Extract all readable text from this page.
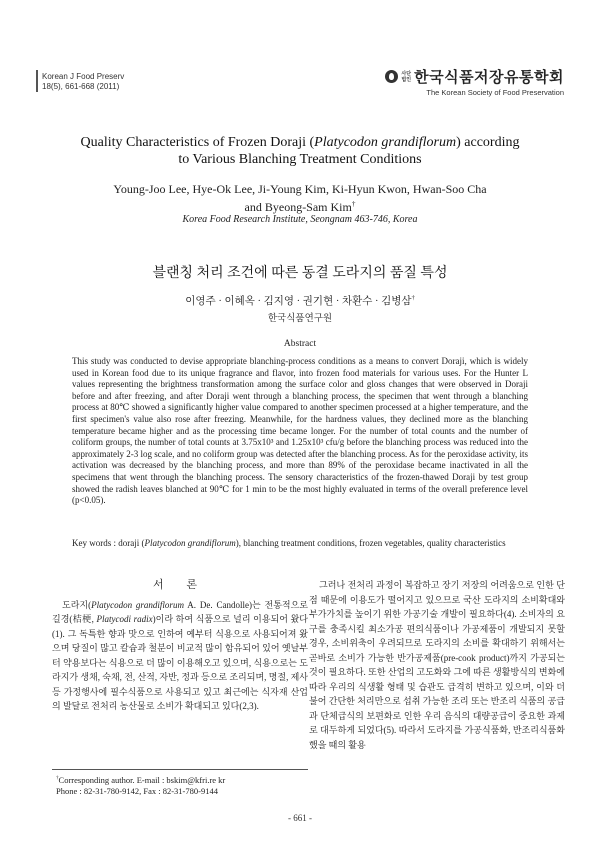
Korean J Food Preserv
18(5), 661-668 (2011)
사단법인 한국식품저장유통학회
The Korean Society of Food Preservation
Quality Characteristics of Frozen Doraji (Platycodon grandiflorum) according
to Various Blanching Treatment Conditions
Young-Joo Lee, Hye-Ok Lee, Ji-Young Kim, Ki-Hyun Kwon, Hwan-Soo Cha
and Byeong-Sam Kim†
Korea Food Research Institute, Seongnam 463-746, Korea
블랜칭 처리 조건에 따른 동결 도라지의 품질 특성
이영주 · 이혜옥 · 김지영 · 권기현 · 차환수 · 김병삼†
한국식품연구원
Abstract
This study was conducted to devise appropriate blanching-process conditions as a means to convert Doraji, which is widely used in Korean food due to its unique fragrance and flavor, into frozen food materials for various uses. For the Hunter L values representing the brightness transformation among the surface color and gloss changes that were observed in Doraji before and after freezing, and after Doraji went through a blanching process, the specimen that went through a blanching process at 80℃ showed a significantly higher value compared to another specimen processed at a higher temperature, and the first specimen's value also rose after freezing. Meanwhile, for the hardness values, they declined more as the blanching temperature became higher and as the processing time became longer. For the number of total counts and the number of coliform groups, the number of total counts at 3.75x10³ and 1.25x10³ cfu/g before the blanching process was reduced into the approximately 2-3 log scale, and no coliform group was detected after the blanching process. As for the peroxidase activity, its activation was decreased by the blanching process, and more than 89% of the peroxidase became inactivated in all the specimens that went through the blanching process. The sensory characteristics of the frozen-thawed Doraji by test group showed the radish leaves blanched at 90℃ for 1 min to be the most highly evaluated in terms of the overall preference level (p<0.05).
Key words : doraji (Platycodon grandiflorum), blanching treatment conditions, frozen vegetables, quality characteristics
서 론

도라지(Platycodon grandiflorum A. De. Candolle)는 전통적으로 길경(桔梗, Platycodi radix)이라 하여 식품으로 널리 이용되어 왔다(1). 그 독특한 향과 맛으로 인하여 예부터 식용으로 사용되어져 왔으며 당질이 많고 칼슘과 철분이 비교적 많이 함유되어 있어 옛날부터 약용보다는 식용으로 더 많이 이용해오고 있으며, 식용으로는 도라지가 생채, 숙채, 전, 산적, 자반, 정과 등으로 조리되며, 명절, 제사등 가정행사에 필수식품으로 사용되고 있고 최근에는 식자재 산업의 발달로 전처리 농산물로 소비가 확대되고 있다(2,3).

그러나 전처리 과정이 복잡하고 장기 저장의 어려움으로 인한 단점 때문에 이용도가 떨어지고 있으므로 국산 도라지의 소비확대와 부가가치를 높이기 위한 가공기술 개발이 필요하다(4). 소비자의 요구를 충족시킬 최소가공 편의식품이나 가공제품이 개발되지 못할 경우, 소비위축이 우려되므로 도라지의 소비를 확대하기 위해서는 곧바로 소비가 가능한 반가공제품(pre-cook product)까지 가공되는 것이 필요하다. 또한 산업의 고도화와 그에 따른 생활방식의 변화에 따라 우리의 식생활 형태 및 습관도 급격히 변하고 있으며, 이와 더불어 간단한 처리만으로 섭취 가능한 조리 또는 반조리 식품의 공급과 단체급식의 보편화로 인한 우리 음식의 대량공급이 중요한 과제로 대두하게 되었다(5). 따라서 도라지를 가공식품화, 반조리식품화 했을 때의 활용

†Corresponding author. E-mail : bskim@kfri.re kr
Phone : 82-31-780-9142, Fax : 82-31-780-9144
- 661 -
